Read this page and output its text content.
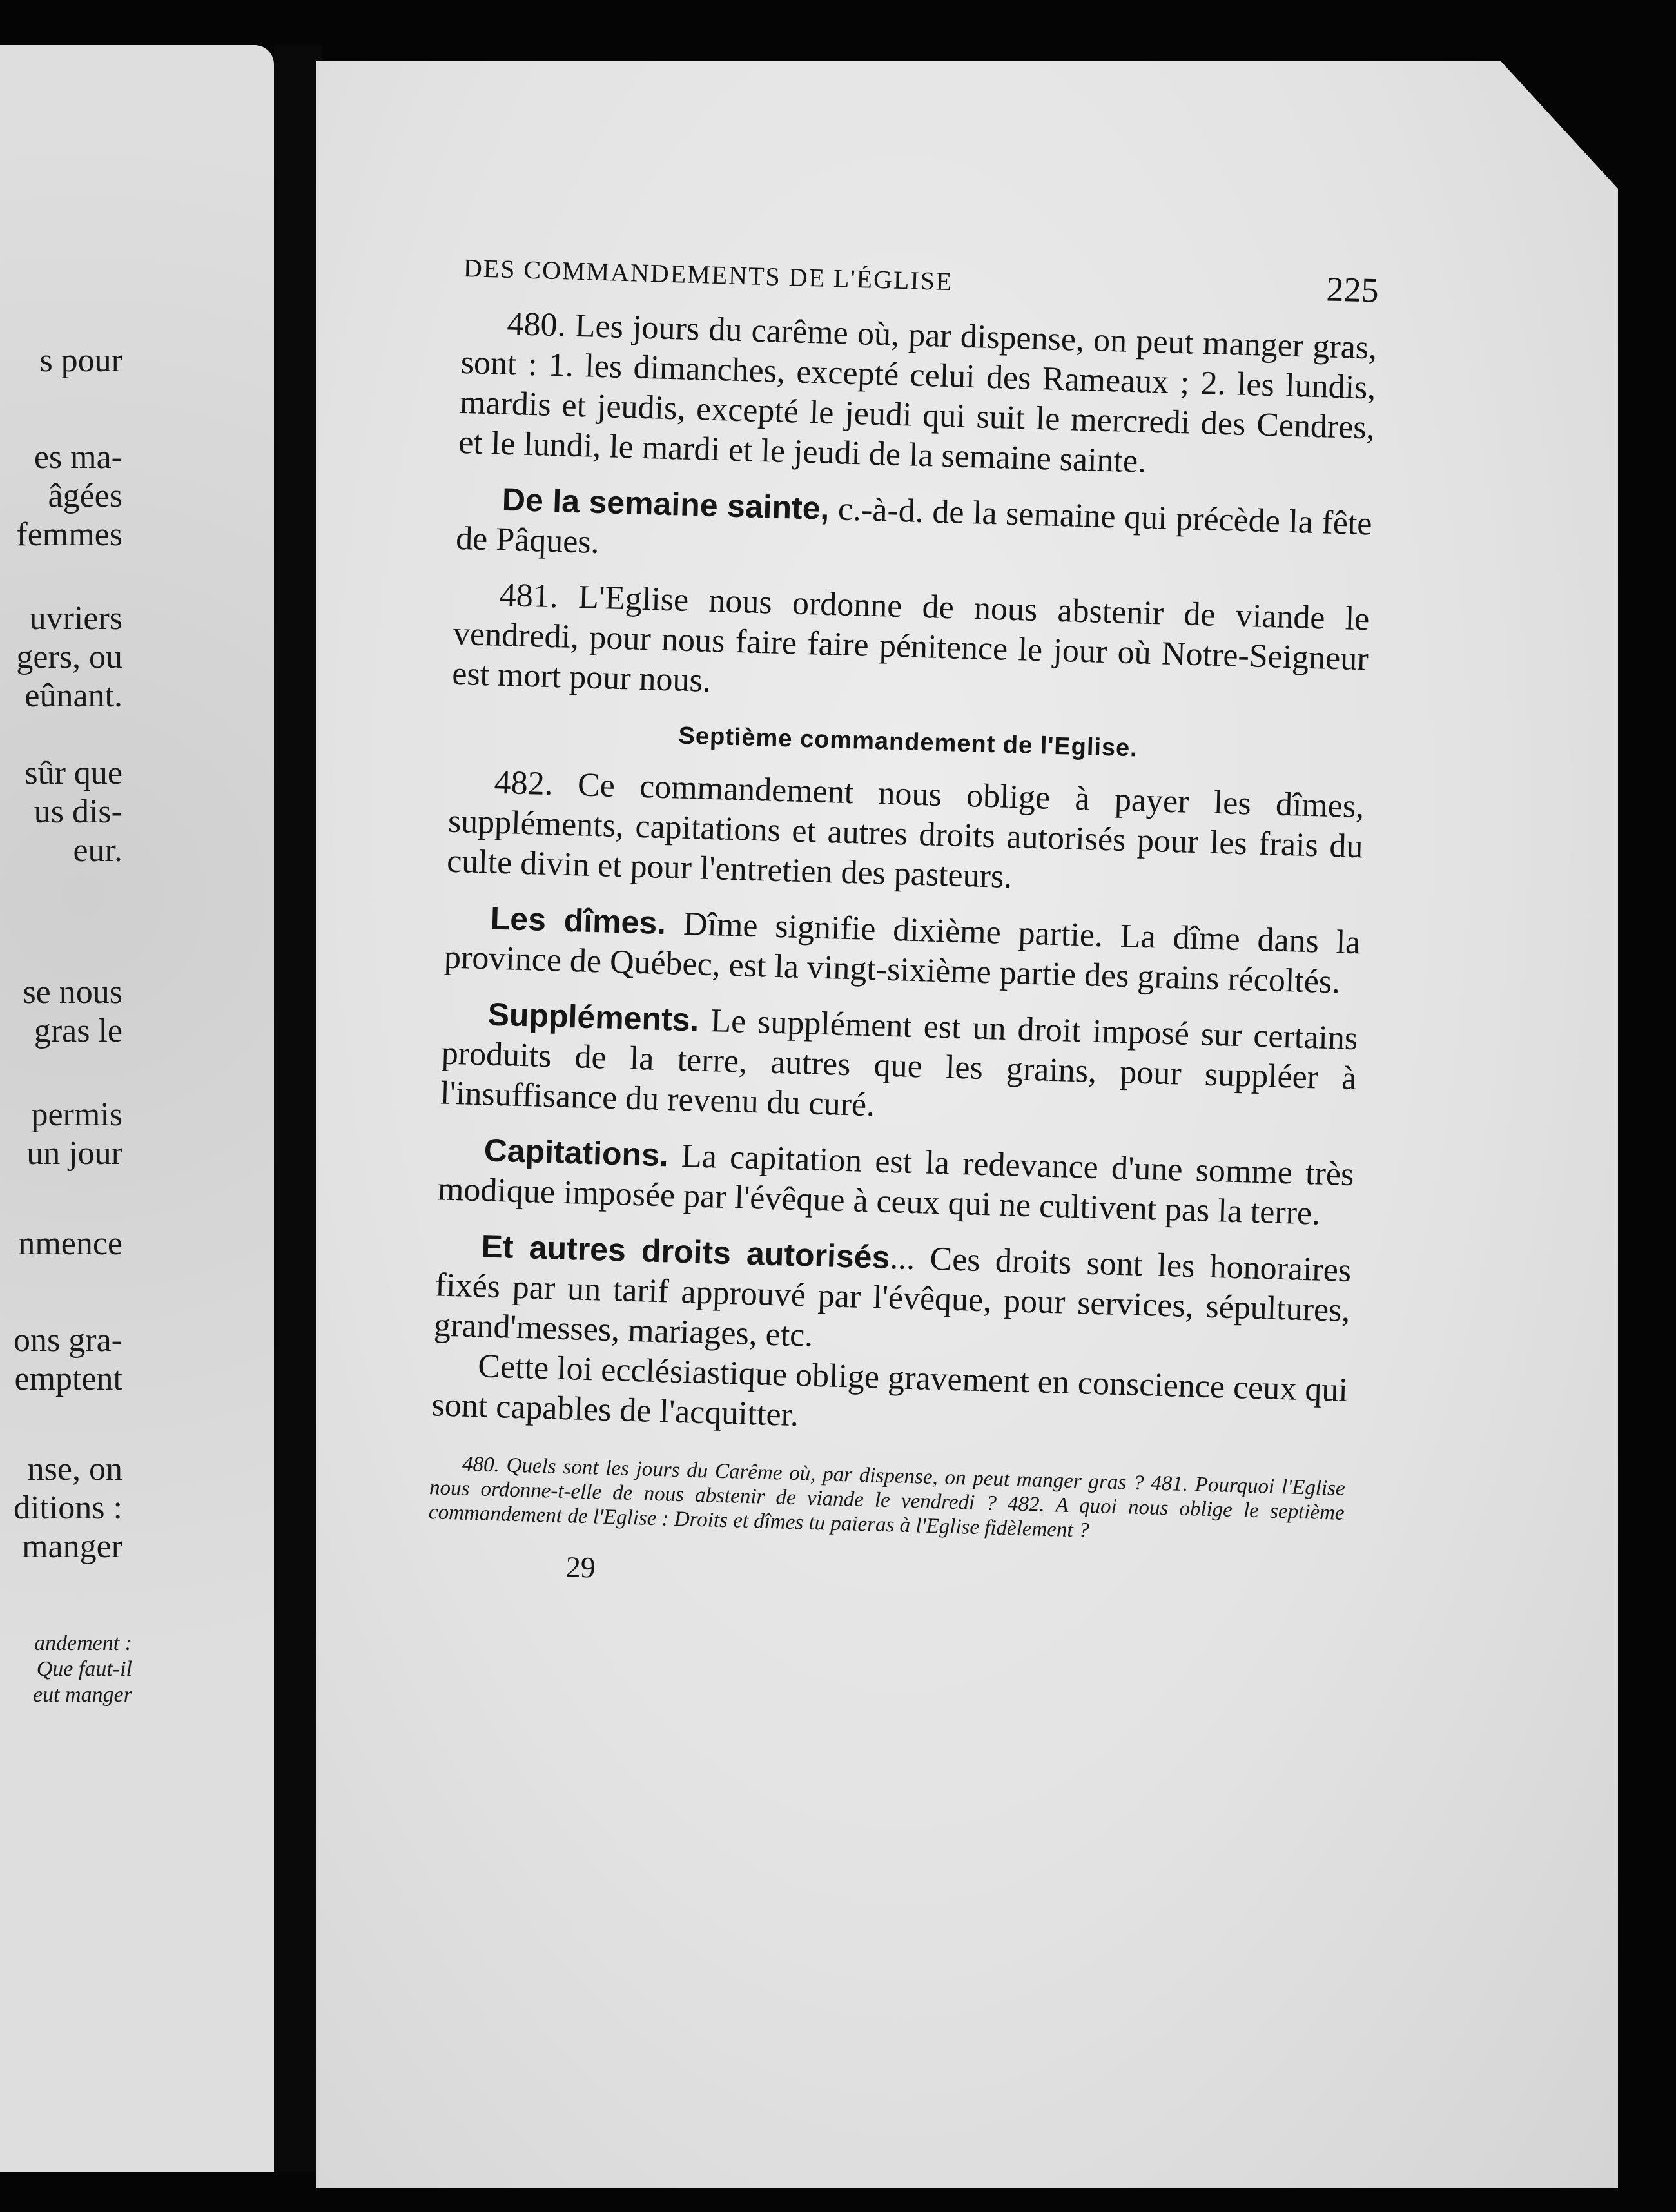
s pour
es ma-
âgées
femmes
uvriers
gers, ou
eûnant.
sûr que
us dis-
eur.
se nous
gras le
permis
un jour
nmence
ons gra-
emptent
nse, on
ditions :
manger
andement :
Que faut-il
eut manger
DES COMMANDEMENTS DE L'ÉGLISE	225

480. Les jours du carême où, par dispense, on peut manger gras, sont : 1. les dimanches, excepté celui des Rameaux ; 2. les lundis, mardis et jeudis, excepté le jeudi qui suit le mercredi des Cendres, et le lundi, le mardi et le jeudi de la semaine sainte.

De la semaine sainte, c.-à-d. de la semaine qui précède la fête de Pâques.

481. L'Eglise nous ordonne de nous abstenir de viande le vendredi, pour nous faire faire pénitence le jour où Notre-Seigneur est mort pour nous.

Septième commandement de l'Eglise.

482. Ce commandement nous oblige à payer les dîmes, suppléments, capitations et autres droits autorisés pour les frais du culte divin et pour l'entretien des pasteurs.

Les dîmes. Dîme signifie dixième partie. La dîme dans la province de Québec, est la vingt-sixième partie des grains récoltés.

Suppléments. Le supplément est un droit imposé sur certains produits de la terre, autres que les grains, pour suppléer à l'insuffisance du revenu du curé.

Capitations. La capitation est la redevance d'une somme très modique imposée par l'évêque à ceux qui ne cultivent pas la terre.

Et autres droits autorisés... Ces droits sont les honoraires fixés par un tarif approuvé par l'évêque, pour services, sépultures, grand'messes, mariages, etc.

Cette loi ecclésiastique oblige gravement en conscience ceux qui sont capables de l'acquitter.

480. Quels sont les jours du Carême où, par dispense, on peut manger gras ? 481. Pourquoi l'Eglise nous ordonne-t-elle de nous abstenir de viande le vendredi ? 482. A quoi nous oblige le septième commandement de l'Eglise : Droits et dîmes tu paieras à l'Eglise fidèlement ?

29
